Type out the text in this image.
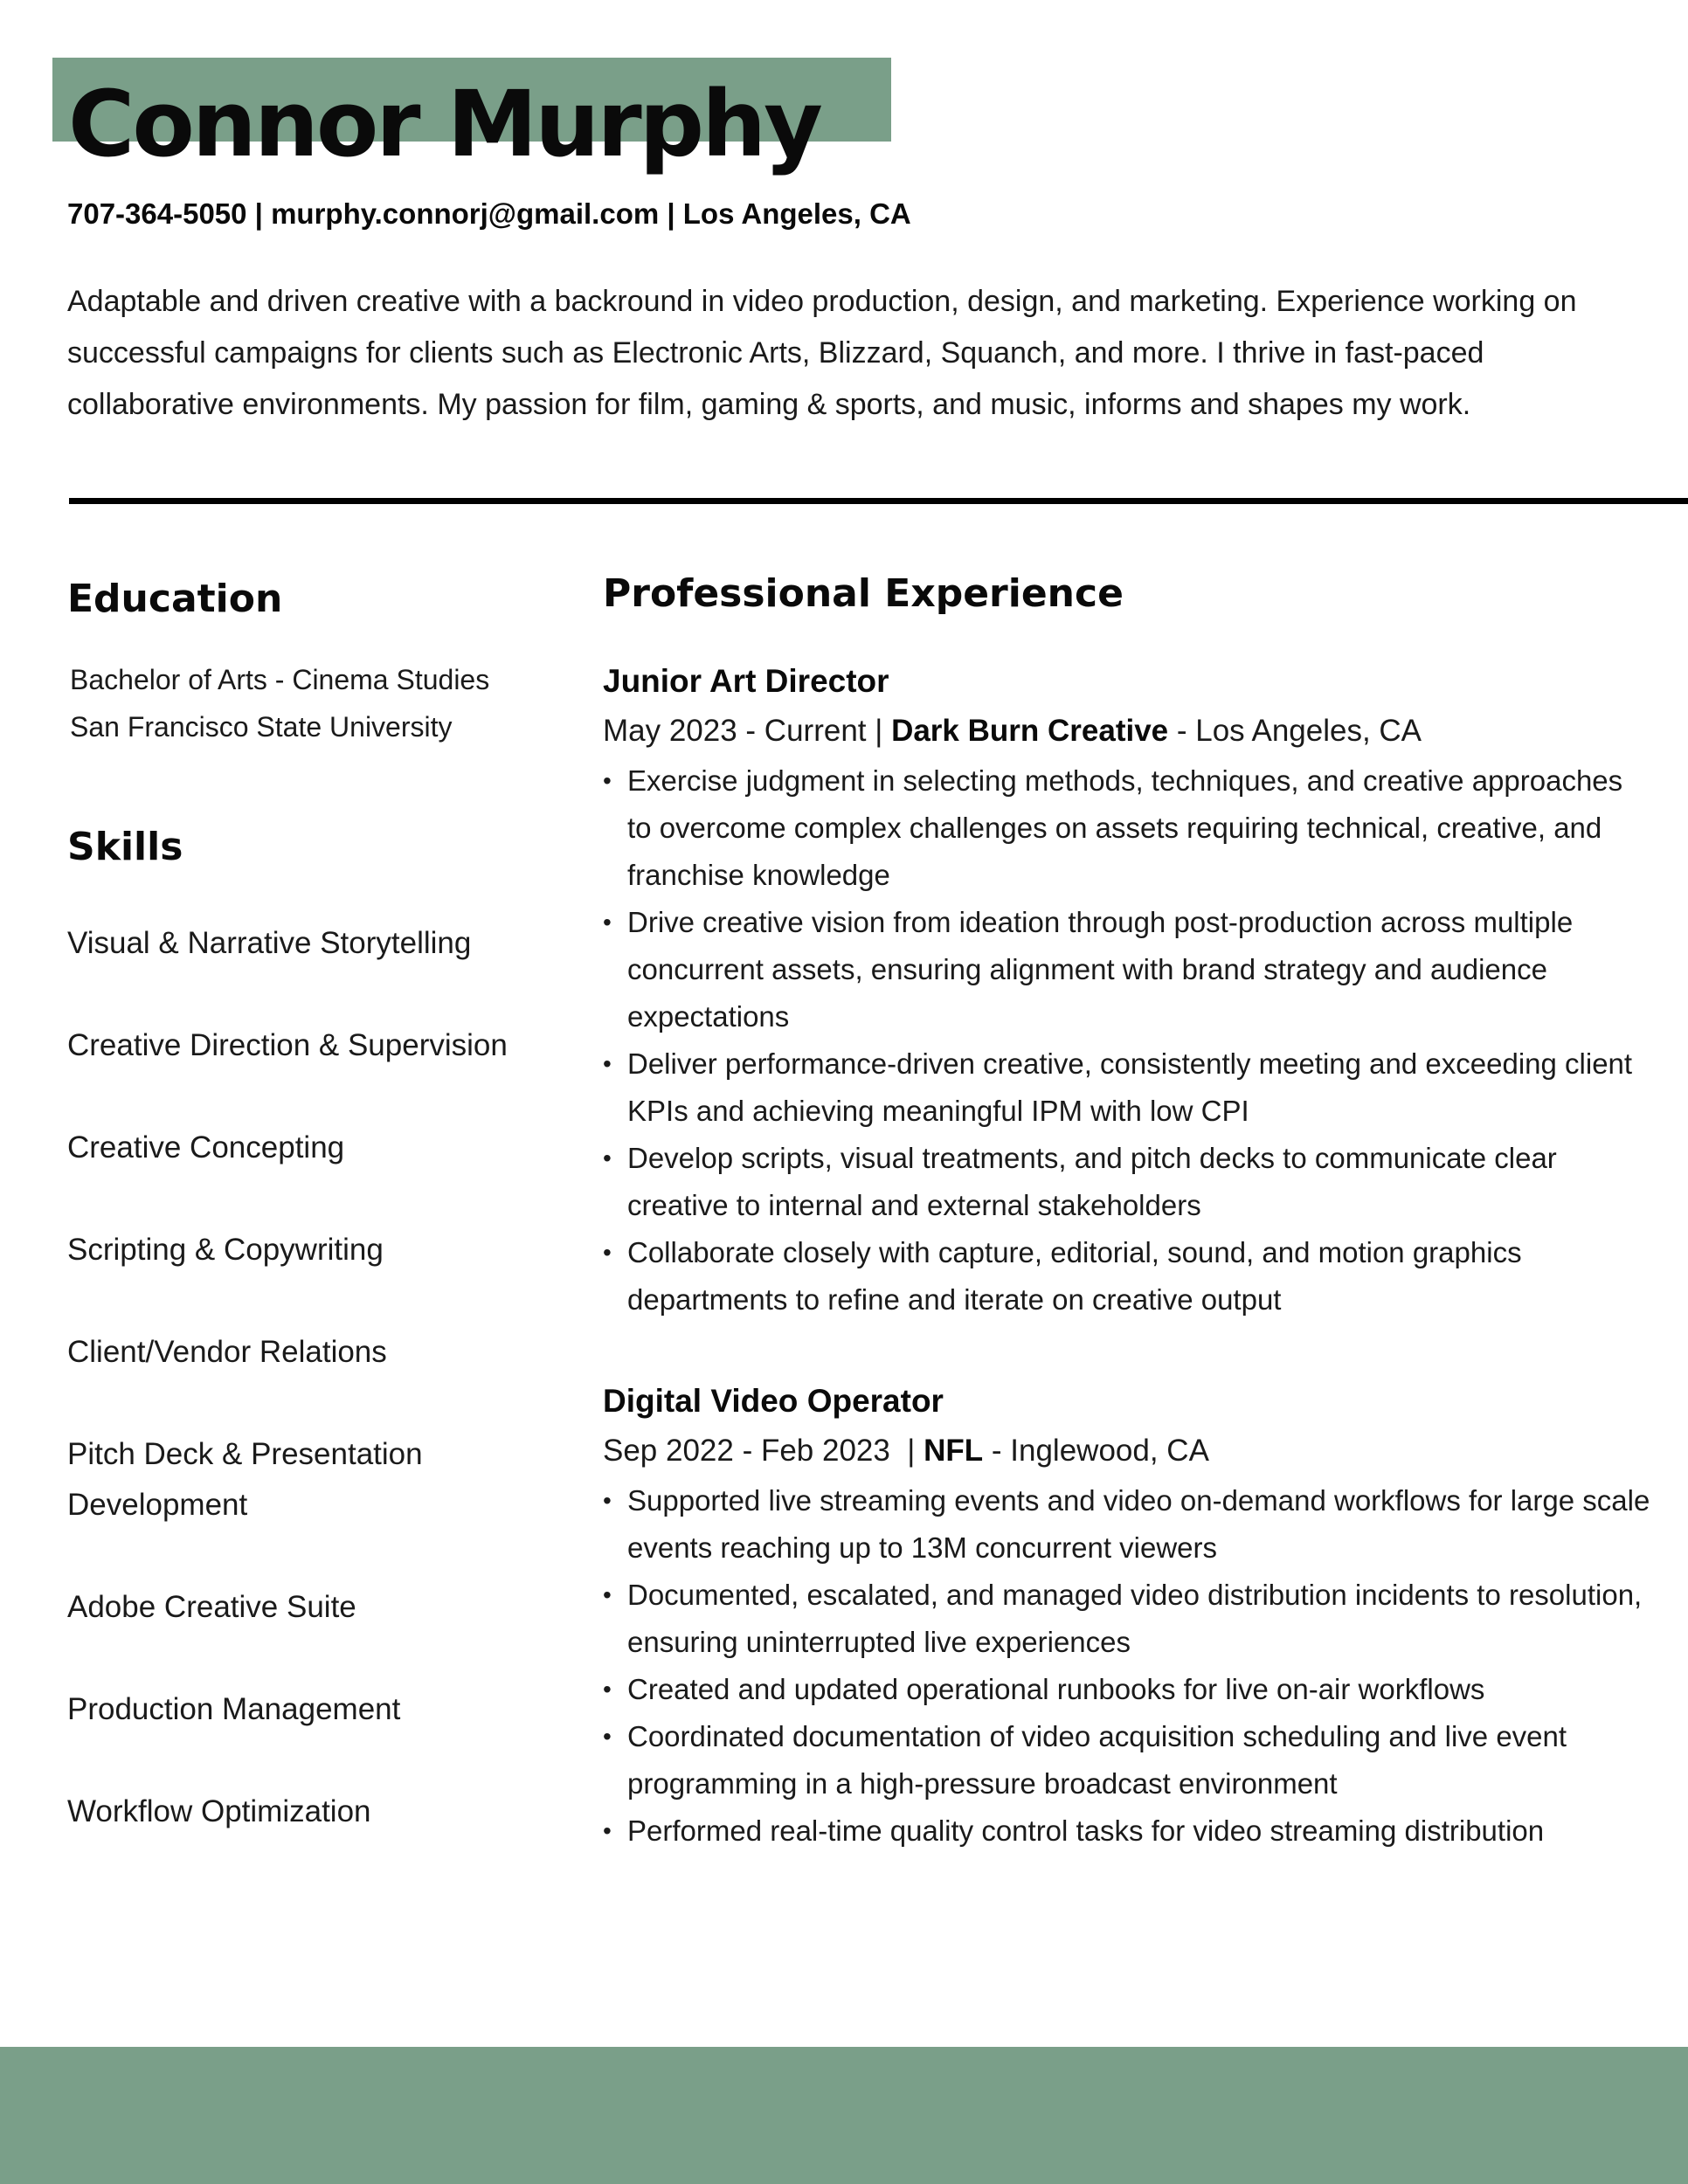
Connor Murphy
707-364-5050 | murphy.connorj@gmail.com | Los Angeles, CA

Adaptable and driven creative with a backround in video production, design, and marketing. Experience working on successful campaigns for clients such as Electronic Arts, Blizzard, Squanch, and more. I thrive in fast-paced collaborative environments. My passion for film, gaming & sports, and music, informs and shapes my work.

Education
Bachelor of Arts - Cinema Studies
San Francisco State University
Skills
Visual & Narrative Storytelling
Creative Direction & Supervision
Creative Concepting
Scripting & Copywriting
Client/Vendor Relations
Pitch Deck & Presentation Development
Adobe Creative Suite
Production Management
Workflow Optimization
Professional Experience
Junior Art Director
May 2023 - Current | Dark Burn Creative - Los Angeles, CA
• Exercise judgment in selecting methods, techniques, and creative approaches to overcome complex challenges on assets requiring technical, creative, and franchise knowledge
• Drive creative vision from ideation through post-production across multiple concurrent assets, ensuring alignment with brand strategy and audience expectations
• Deliver performance-driven creative, consistently meeting and exceeding client KPIs and achieving meaningful IPM with low CPI
• Develop scripts, visual treatments, and pitch decks to communicate clear creative to internal and external stakeholders
• Collaborate closely with capture, editorial, sound, and motion graphics departments to refine and iterate on creative output
Digital Video Operator
Sep 2022 - Feb 2023  | NFL - Inglewood, CA
• Supported live streaming events and video on-demand workflows for large scale events reaching up to 13M concurrent viewers
• Documented, escalated, and managed video distribution incidents to resolution, ensuring uninterrupted live experiences
• Created and updated operational runbooks for live on-air workflows
• Coordinated documentation of video acquisition scheduling and live event programming in a high-pressure broadcast environment
• Performed real-time quality control tasks for video streaming distribution
